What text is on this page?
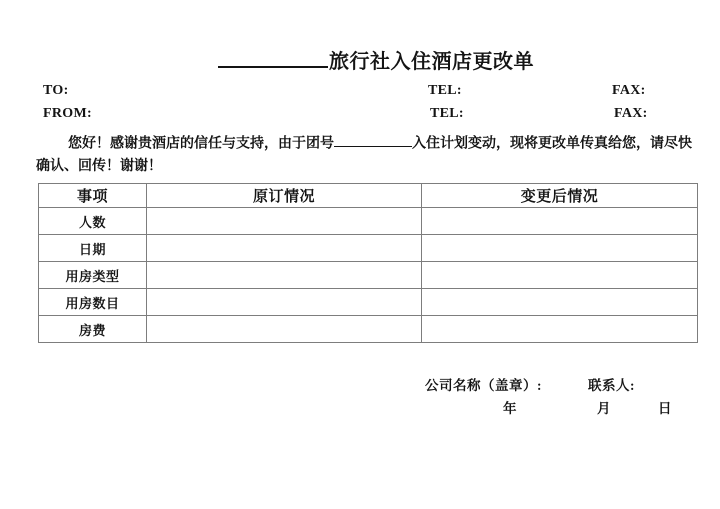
旅行社入住酒店更改单
TO:	TEL:	FAX:
FROM:	TEL:	FAX:
您好！感谢贵酒店的信任与支持，由于团号	入住计划变动，现将更改单传真给您，请尽快
确认、回传！谢谢！
事项	原订情况	变更后情况
人数		
日期		
用房类型		
用房数目		
房费		
公司名称（盖章）:	联系人:
年	月	日
